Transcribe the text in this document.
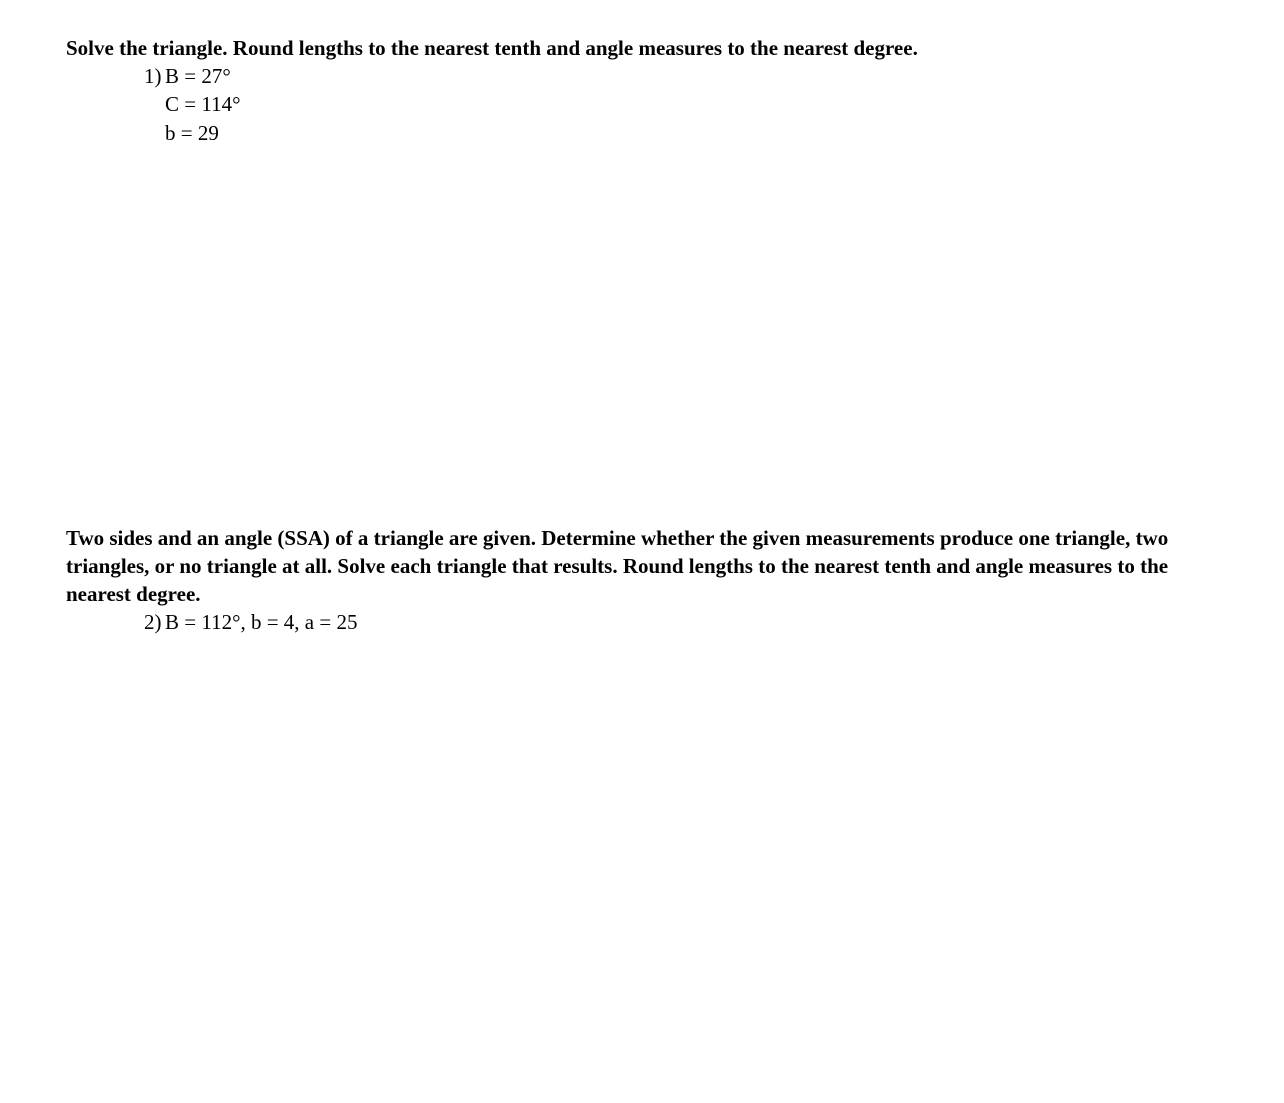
Solve the triangle. Round lengths to the nearest tenth and angle measures to the nearest degree.

1) B = 27°
C = 114°
b = 29

Two sides and an angle (SSA) of a triangle are given. Determine whether the given measurements produce one triangle, two triangles, or no triangle at all. Solve each triangle that results. Round lengths to the nearest tenth and angle measures to the nearest degree.

2) B = 112°, b = 4, a = 25
